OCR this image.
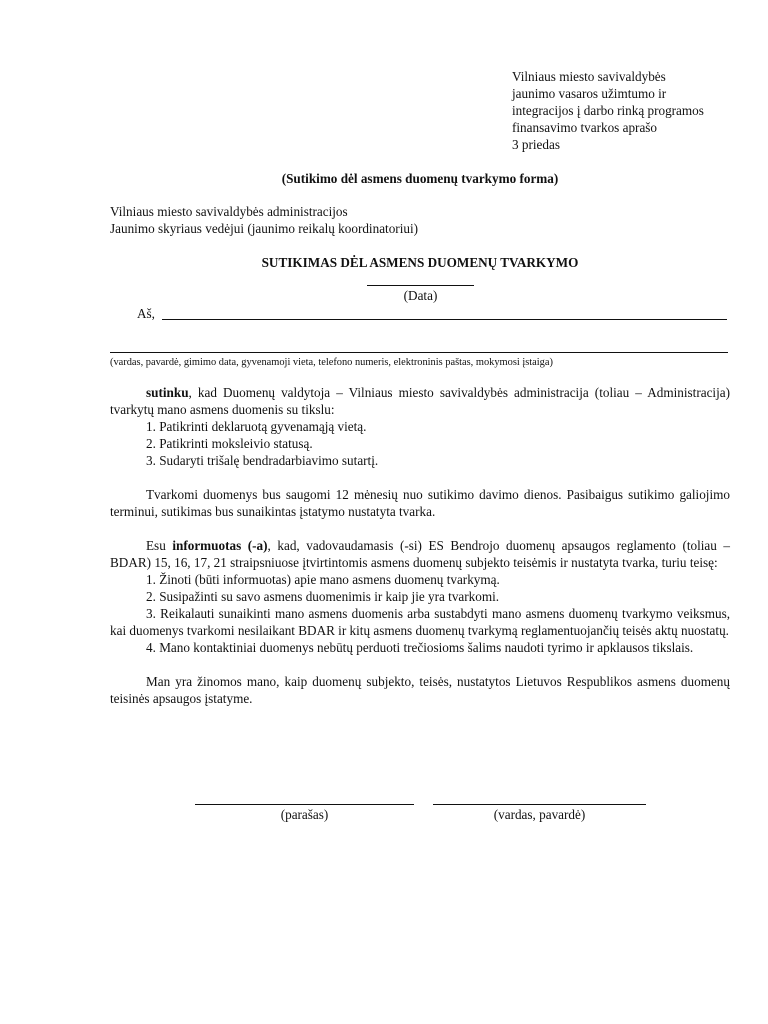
Vilniaus miesto savivaldybės
jaunimo vasaros užimtumo ir
integracijos į darbo rinką programos
finansavimo tvarkos aprašo
3 priedas
(Sutikimo dėl asmens duomenų tvarkymo forma)
Vilniaus miesto savivaldybės administracijos
Jaunimo skyriaus vedėjui (jaunimo reikalų koordinatoriui)
SUTIKIMAS DĖL ASMENS DUOMENŲ TVARKYMO
(Data)
Aš,
(vardas, pavardė, gimimo data, gyvenamoji vieta, telefono numeris, elektroninis paštas, mokymosi įstaiga)

sutinku, kad Duomenų valdytoja – Vilniaus miesto savivaldybės administracija (toliau – Administracija) tvarkytų mano asmens duomenis su tikslu:

1. Patikrinti deklaruotą gyvenamąją vietą.

2. Patikrinti moksleivio statusą.

3. Sudaryti trišalę bendradarbiavimo sutartį.

Tvarkomi duomenys bus saugomi 12 mėnesių nuo sutikimo davimo dienos. Pasibaigus sutikimo galiojimo terminui, sutikimas bus sunaikintas įstatymo nustatyta tvarka.

Esu informuotas (-a), kad, vadovaudamasis (-si) ES Bendrojo duomenų apsaugos reglamento (toliau – BDAR) 15, 16, 17, 21 straipsniuose įtvirtintomis asmens duomenų subjekto teisėmis ir nustatyta tvarka, turiu teisę:

1. Žinoti (būti informuotas) apie mano asmens duomenų tvarkymą.

2. Susipažinti su savo asmens duomenimis ir kaip jie yra tvarkomi.

3. Reikalauti sunaikinti mano asmens duomenis arba sustabdyti mano asmens duomenų tvarkymo veiksmus, kai duomenys tvarkomi nesilaikant BDAR ir kitų asmens duomenų tvarkymą reglamentuojančių teisės aktų nuostatų.

4. Mano kontaktiniai duomenys nebūtų perduoti trečiosioms šalims naudoti tyrimo ir apklausos tikslais.

Man yra žinomos mano, kaip duomenų subjekto, teisės, nustatytos Lietuvos Respublikos asmens duomenų teisinės apsaugos įstatyme.

(parašas)	(vardas, pavardė)
